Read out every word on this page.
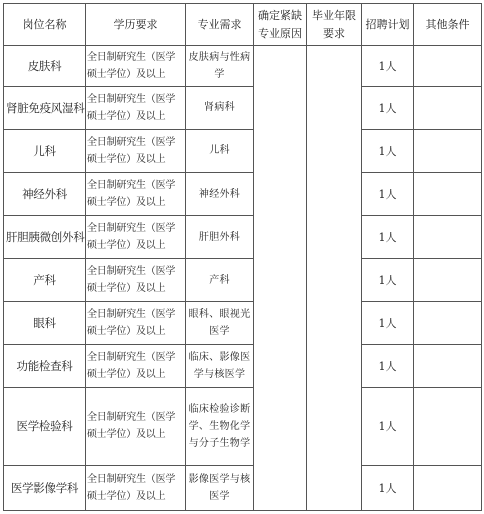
岗位名称	学历要求	专业需求	确定紧缺专业原因	毕业年限要求	招聘计划	其他条件
皮肤科	全日制研究生（医学硕士学位）及以上	皮肤病与性病学			1人	
肾脏免疫风湿科	全日制研究生（医学硕士学位）及以上	肾病科			1人	
儿科	全日制研究生（医学硕士学位）及以上	儿科			1人	
神经外科	全日制研究生（医学硕士学位）及以上	神经外科			1人	
肝胆胰微创外科	全日制研究生（医学硕士学位）及以上	肝胆外科			1人	
产科	全日制研究生（医学硕士学位）及以上	产科			1人	
眼科	全日制研究生（医学硕士学位）及以上	眼科、眼视光医学			1人	
功能检查科	全日制研究生（医学硕士学位）及以上	临床、影像医学与核医学			1人	
医学检验科	全日制研究生（医学硕士学位）及以上	临床检验诊断学、生物化学与分子生物学			1人	
医学影像学科	全日制研究生（医学硕士学位）及以上	影像医学与核医学			1人	
